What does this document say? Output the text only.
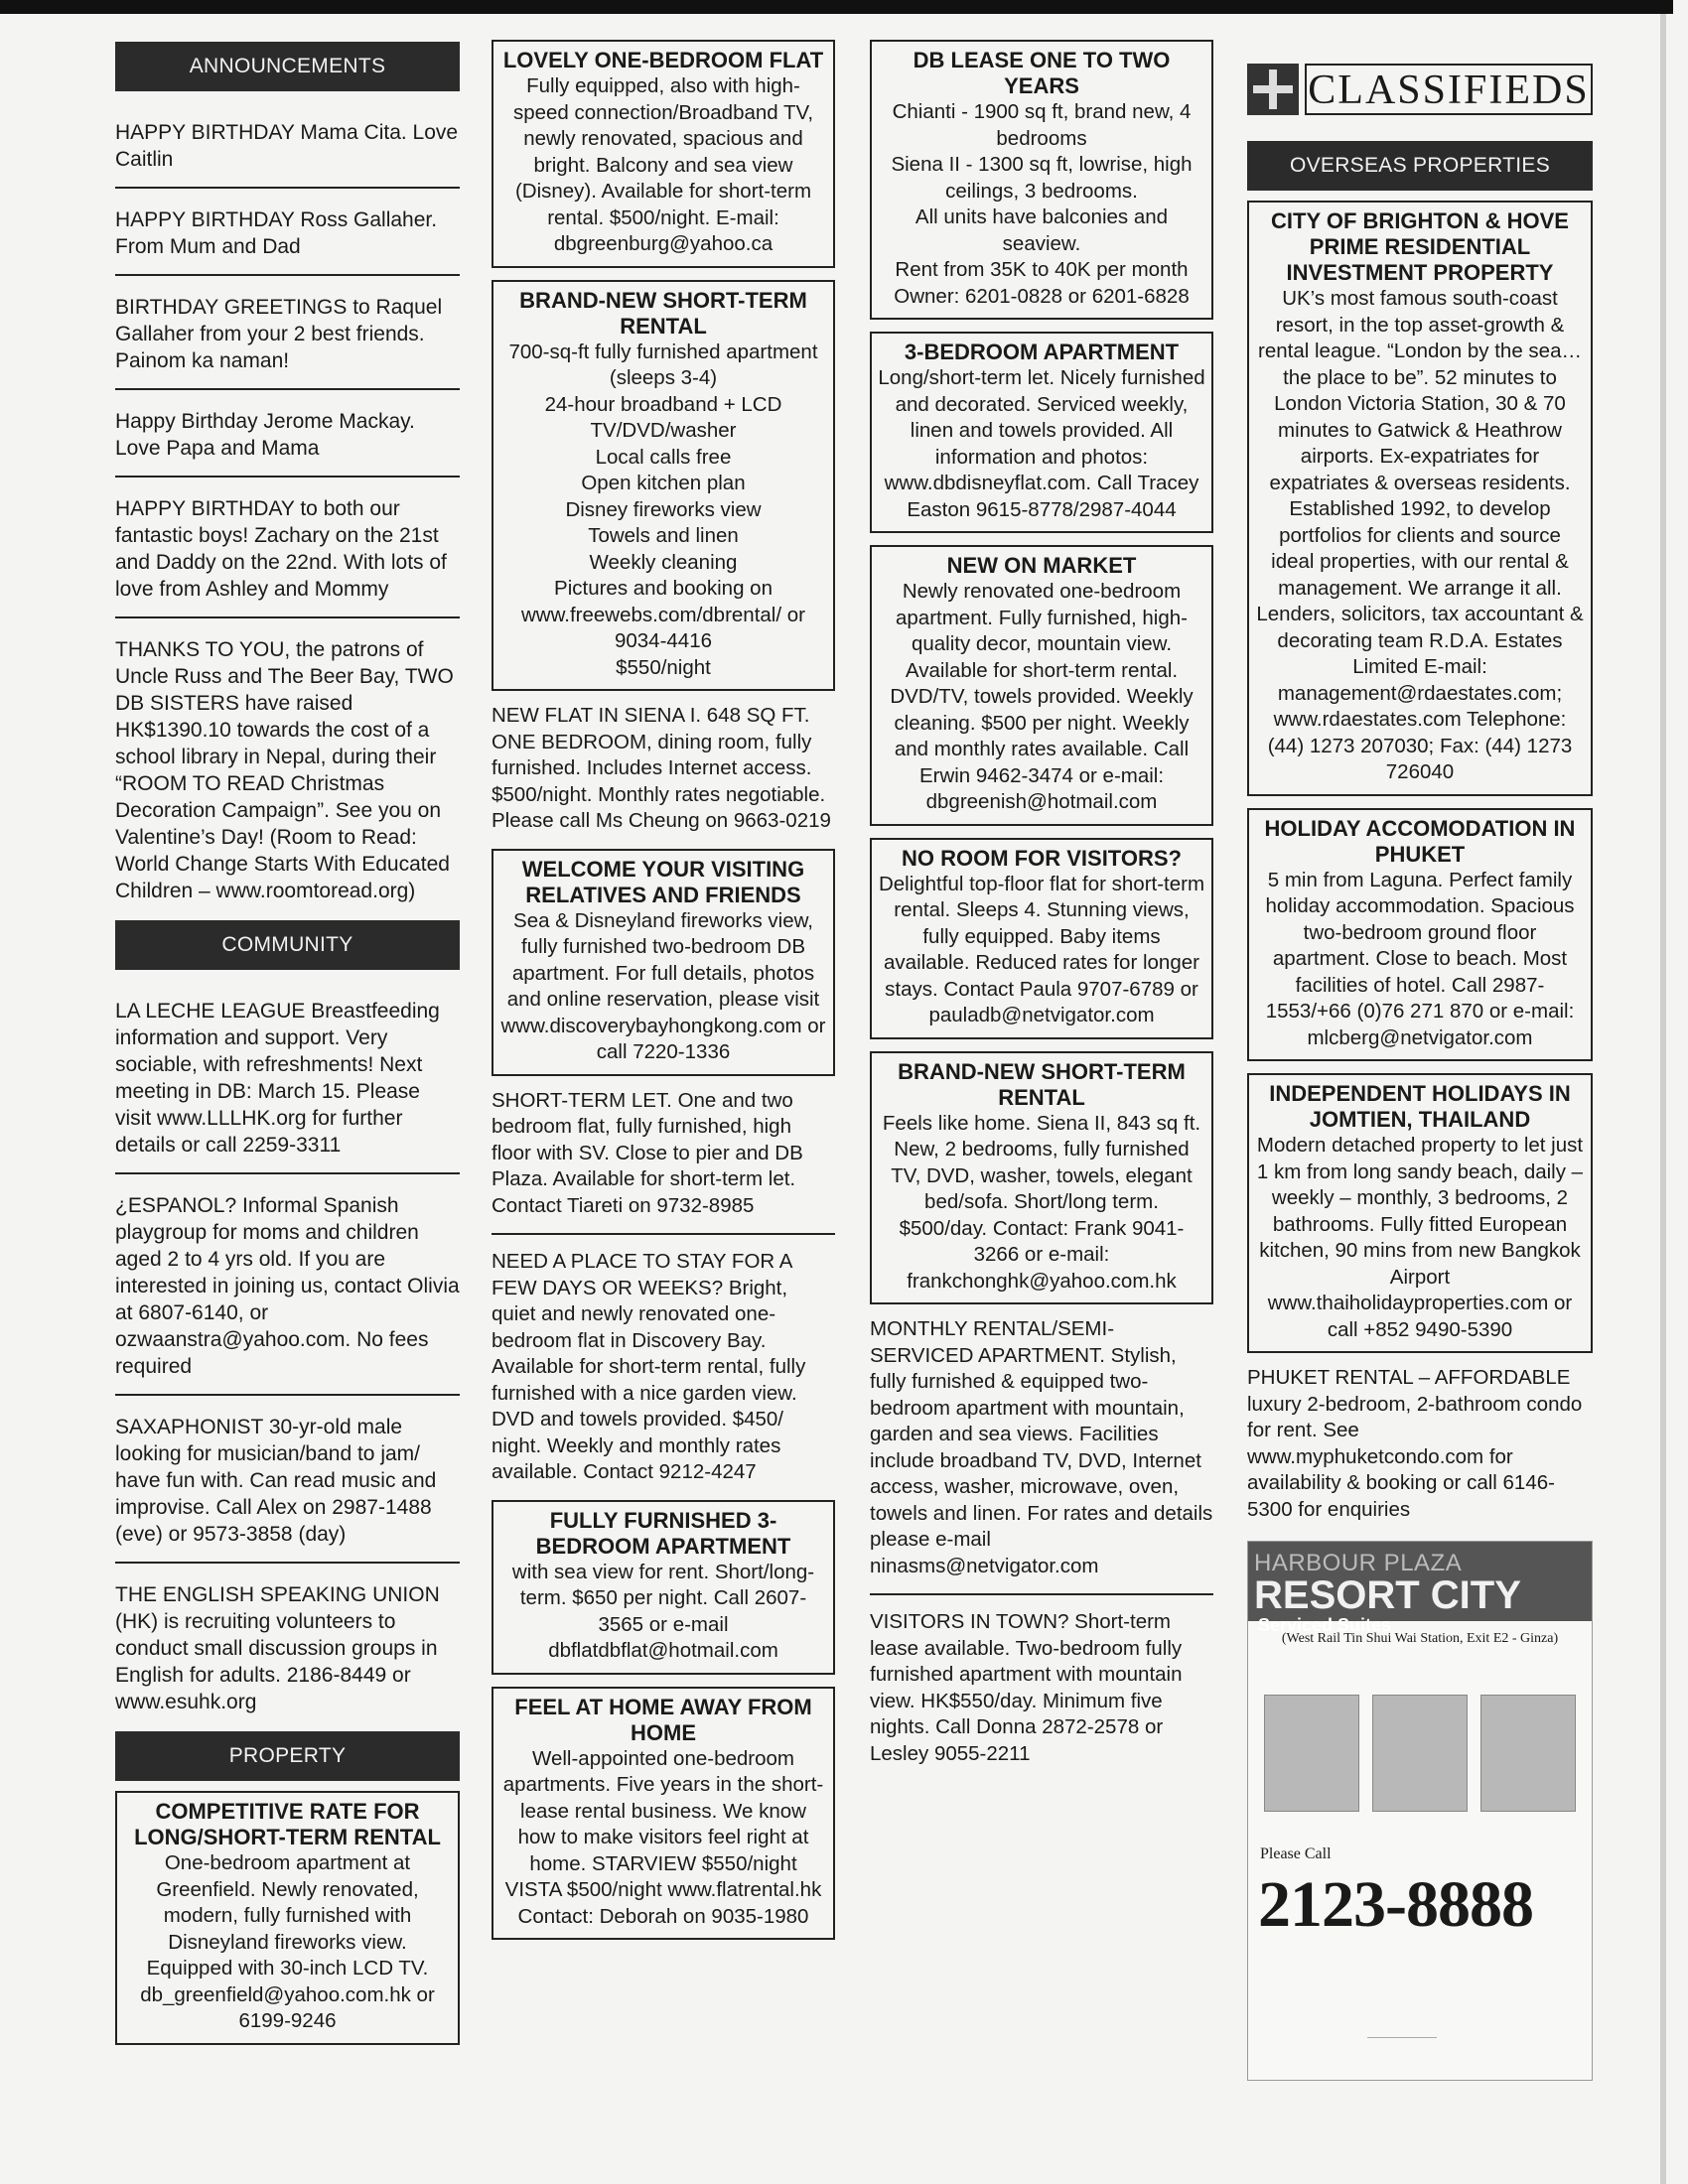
ANNOUNCEMENTS
HAPPY BIRTHDAY Mama Cita. Love Caitlin
HAPPY BIRTHDAY Ross Gallaher. From Mum and Dad
BIRTHDAY GREETINGS to Raquel Gallaher from your 2 best friends. Painom ka naman!
Happy Birthday Jerome Mackay. Love Papa and Mama
HAPPY BIRTHDAY to both our fantastic boys! Zachary on the 21st and Daddy on the 22nd. With lots of love from Ashley and Mommy
THANKS TO YOU, the patrons of Uncle Russ and The Beer Bay, TWO DB SISTERS have raised HK$1390.10 towards the cost of a school library in Nepal, during their “ROOM TO READ Christmas Decoration Campaign”. See you on Valentine’s Day! (Room to Read: World Change Starts With Educated Children – www.roomtoread.org)
COMMUNITY
LA LECHE LEAGUE Breastfeeding information and support. Very sociable, with refreshments! Next meeting in DB: March 15. Please visit www.LLLHK.org for further details or call 2259-3311
¿ESPANOL? Informal Spanish playgroup for moms and children aged 2 to 4 yrs old. If you are interested in joining us, contact Olivia at 6807-6140, or ozwaanstra@yahoo.com. No fees required
SAXAPHONIST 30-yr-old male looking for musician/band to jam/ have fun with. Can read music and improvise. Call Alex on 2987-1488 (eve) or 9573-3858 (day)
THE ENGLISH SPEAKING UNION (HK) is recruiting volunteers to conduct small discussion groups in English for adults. 2186-8449 or www.esuhk.org
PROPERTY
COMPETITIVE RATE FOR LONG/SHORT-TERM RENTAL
One-bedroom apartment at Greenfield. Newly renovated, modern, fully furnished with Disneyland fireworks view. Equipped with 30-inch LCD TV. db_greenfield@yahoo.com.hk or 6199-9246
LOVELY ONE-BEDROOM FLAT
Fully equipped, also with high-speed connection/Broadband TV, newly renovated, spacious and bright. Balcony and sea view (Disney). Available for short-term rental. $500/night. E-mail: dbgreenburg@yahoo.ca
BRAND-NEW SHORT-TERM RENTAL
700-sq-ft fully furnished apartment (sleeps 3-4)
24-hour broadband + LCD TV/DVD/washer
Local calls free
Open kitchen plan
Disney fireworks view
Towels and linen
Weekly cleaning
Pictures and booking on www.freewebs.com/dbrental/ or 9034-4416
$550/night
NEW FLAT IN SIENA I. 648 SQ FT. ONE BEDROOM, dining room, fully furnished. Includes Internet access. $500/night. Monthly rates negotiable. Please call Ms Cheung on 9663-0219
WELCOME YOUR VISITING RELATIVES AND FRIENDS
Sea & Disneyland fireworks view, fully furnished two-bedroom DB apartment. For full details, photos and online reservation, please visit www.discoverybayhongkong.com or call 7220-1336
SHORT-TERM LET. One and two bedroom flat, fully furnished, high floor with SV. Close to pier and DB Plaza. Available for short-term let. Contact Tiareti on 9732-8985
NEED A PLACE TO STAY FOR A FEW DAYS OR WEEKS? Bright, quiet and newly renovated one-bedroom flat in Discovery Bay. Available for short-term rental, fully furnished with a nice garden view. DVD and towels provided. $450/ night. Weekly and monthly rates available. Contact 9212-4247
FULLY FURNISHED 3-BEDROOM APARTMENT
with sea view for rent. Short/long-term. $650 per night. Call 2607-3565 or e-mail dbflatdbflat@hotmail.com
FEEL AT HOME AWAY FROM HOME
Well-appointed one-bedroom apartments. Five years in the short-lease rental business. We know how to make visitors feel right at home. STARVIEW $550/night VISTA $500/night www.flatrental.hk Contact: Deborah on 9035-1980
DB LEASE ONE TO TWO YEARS
Chianti - 1900 sq ft, brand new, 4 bedrooms
Siena II - 1300 sq ft, lowrise, high ceilings, 3 bedrooms.
All units have balconies and seaview.
Rent from 35K to 40K per month
Owner: 6201-0828 or 6201-6828
3-BEDROOM APARTMENT
Long/short-term let. Nicely furnished and decorated. Serviced weekly, linen and towels provided. All information and photos: www.dbdisneyflat.com. Call Tracey Easton 9615-8778/2987-4044
NEW ON MARKET
Newly renovated one-bedroom apartment. Fully furnished, high-quality decor, mountain view. Available for short-term rental. DVD/TV, towels provided. Weekly cleaning. $500 per night. Weekly and monthly rates available. Call Erwin 9462-3474 or e-mail: dbgreenish@hotmail.com
NO ROOM FOR VISITORS?
Delightful top-floor flat for short-term rental. Sleeps 4. Stunning views, fully equipped. Baby items available. Reduced rates for longer stays. Contact Paula 9707-6789 or pauladb@netvigator.com
BRAND-NEW SHORT-TERM RENTAL
Feels like home. Siena II, 843 sq ft. New, 2 bedrooms, fully furnished TV, DVD, washer, towels, elegant bed/sofa. Short/long term. $500/day. Contact: Frank 9041-3266 or e-mail: frankchonghk@yahoo.com.hk
MONTHLY RENTAL/SEMI-SERVICED APARTMENT. Stylish, fully furnished & equipped two-bedroom apartment with mountain, garden and sea views. Facilities include broadband TV, DVD, Internet access, washer, microwave, oven, towels and linen. For rates and details please e-mail ninasms@netvigator.com
VISITORS IN TOWN? Short-term lease available. Two-bedroom fully furnished apartment with mountain view. HK$550/day. Minimum five nights. Call Donna 2872-2578 or Lesley 9055-2211
CLASSIFIEDS
OVERSEAS PROPERTIES
CITY OF BRIGHTON & HOVE PRIME RESIDENTIAL INVESTMENT PROPERTY
UK’s most famous south-coast resort, in the top asset-growth & rental league. “London by the sea… the place to be”. 52 minutes to London Victoria Station, 30 & 70 minutes to Gatwick & Heathrow airports. Ex-expatriates for expatriates & overseas residents. Established 1992, to develop portfolios for clients and source ideal properties, with our rental & management. We arrange it all. Lenders, solicitors, tax accountant & decorating team R.D.A. Estates Limited E-mail: management@rdaestates.com; www.rdaestates.com Telephone: (44) 1273 207030; Fax: (44) 1273 726040
HOLIDAY ACCOMODATION IN PHUKET
5 min from Laguna. Perfect family holiday accommodation. Spacious two-bedroom ground floor apartment. Close to beach. Most facilities of hotel. Call 2987-1553/+66 (0)76 271 870 or e-mail: mlcberg@netvigator.com
INDEPENDENT HOLIDAYS IN JOMTIEN, THAILAND
Modern detached property to let just 1 km from long sandy beach, daily – weekly – monthly, 3 bedrooms, 2 bathrooms. Fully fitted European kitchen, 90 mins from new Bangkok Airport www.thaiholidayproperties.com or call +852 9490-5390
PHUKET RENTAL – AFFORDABLE luxury 2-bedroom, 2-bathroom condo for rent. See www.myphuketcondo.com for availability & booking or call 6146-5300 for enquiries
HARBOUR PLAZA
RESORT CITYServiced Suites
(West Rail Tin Shui Wai Station, Exit E2 - Ginza)
Please Call
2123-8888
